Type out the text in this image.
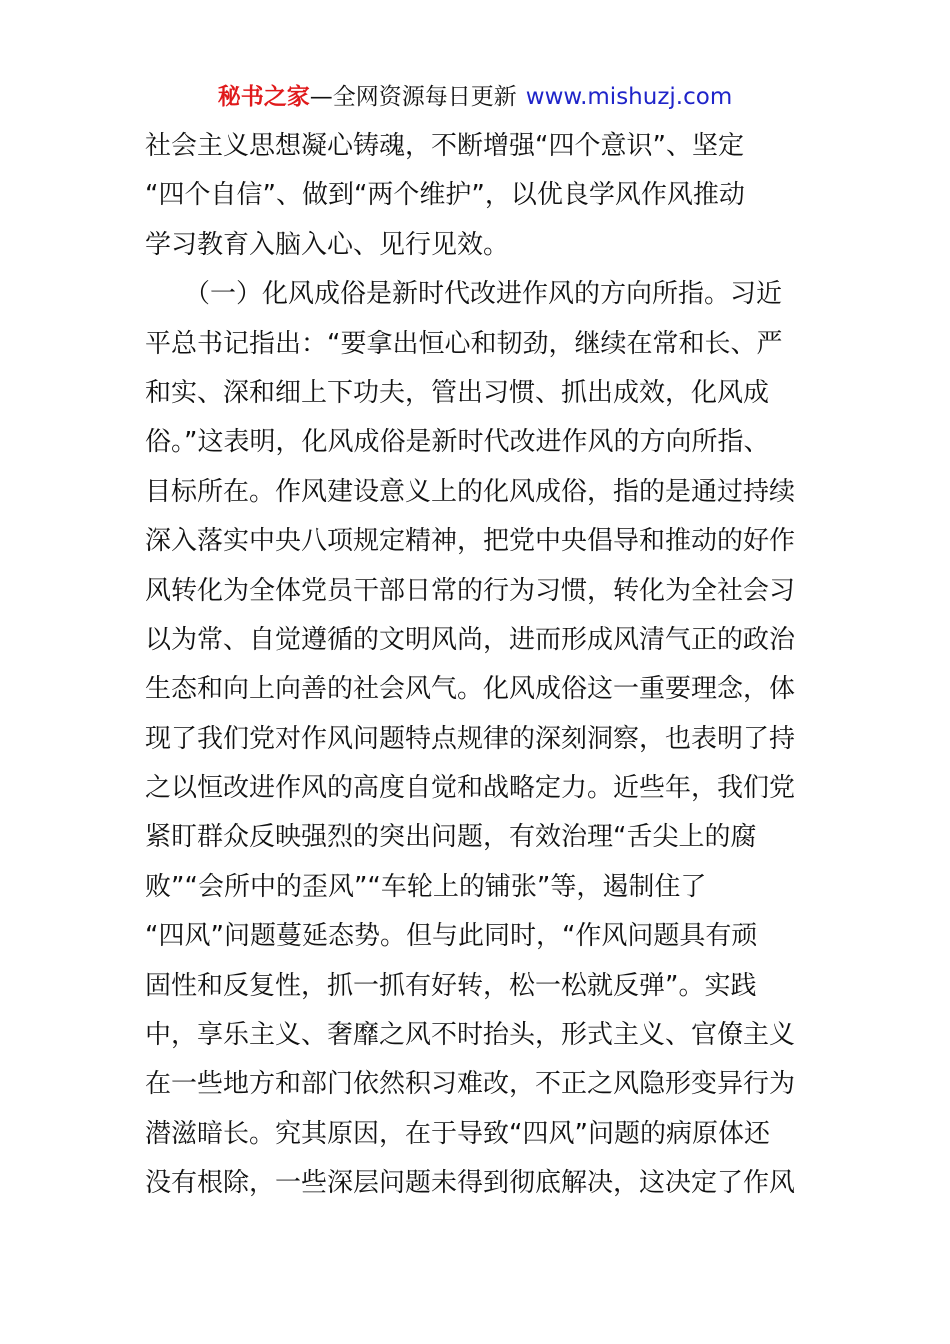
秘书之家—全网资源每日更新 www.mishuzj.com
社会主义思想凝心铸魂，不断增强“四个意识”、坚定
“四个自信”、做到“两个维护”，以优良学风作风推动
学习教育入脑入心、见行见效。
　　（一）化风成俗是新时代改进作风的方向所指。习近
平总书记指出：“要拿出恒心和韧劲，继续在常和长、严
和实、深和细上下功夫，管出习惯、抓出成效，化风成
俗。”这表明，化风成俗是新时代改进作风的方向所指、
目标所在。作风建设意义上的化风成俗，指的是通过持续
深入落实中央八项规定精神，把党中央倡导和推动的好作
风转化为全体党员干部日常的行为习惯，转化为全社会习
以为常、自觉遵循的文明风尚，进而形成风清气正的政治
生态和向上向善的社会风气。化风成俗这一重要理念，体
现了我们党对作风问题特点规律的深刻洞察，也表明了持
之以恒改进作风的高度自觉和战略定力。近些年，我们党
紧盯群众反映强烈的突出问题，有效治理“舌尖上的腐
败”“会所中的歪风”“车轮上的铺张”等，遏制住了
“四风”问题蔓延态势。但与此同时，“作风问题具有顽
固性和反复性，抓一抓有好转，松一松就反弹”。实践
中，享乐主义、奢靡之风不时抬头，形式主义、官僚主义
在一些地方和部门依然积习难改，不正之风隐形变异行为
潜滋暗长。究其原因，在于导致“四风”问题的病原体还
没有根除，一些深层问题未得到彻底解决，这决定了作风
